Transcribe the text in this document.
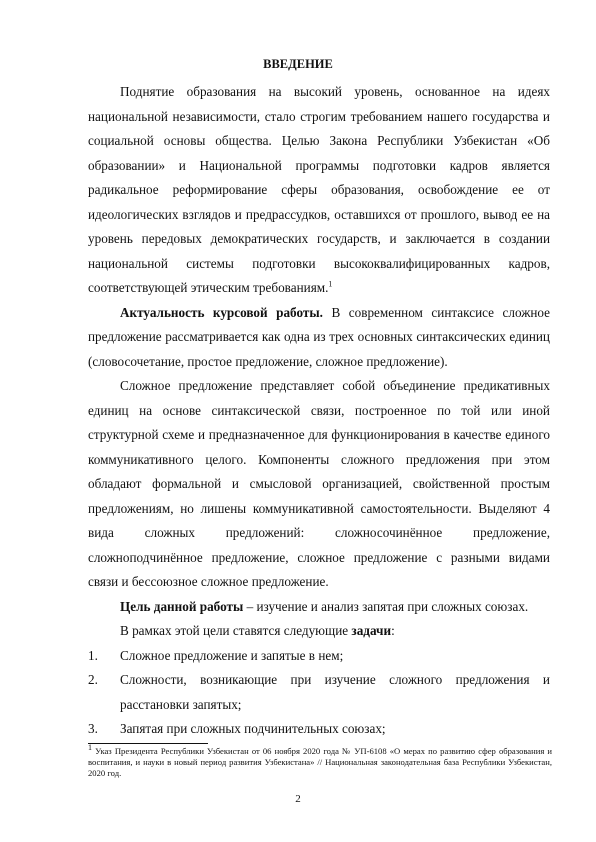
ВВЕДЕНИЕ

Поднятие образования на высокий уровень, основанное на идеях национальной независимости, стало строгим требованием нашего государства и социальной основы общества. Целью Закона Республики Узбекистан «Об образовании» и Национальной программы подготовки кадров является радикальное реформирование сферы образования, освобождение ее от идеологических взглядов и предрассудков, оставшихся от прошлого, вывод ее на уровень передовых демократических государств, и заключается в создании национальной системы подготовки высококвалифицированных кадров, соответствующей этическим требованиям.$^1$

Актуальность курсовой работы. В современном синтаксисе сложное предложение рассматривается как одна из трех основных синтаксических единиц (словосочетание, простое предложение, сложное предложение).

Сложное предложение представляет собой объединение предикативных единиц на основе синтаксической связи, построенное по той или иной структурной схеме и предназначенное для функционирования в качестве единого коммуникативного целого. Компоненты сложного предложения при этом обладают формальной и смысловой организацией, свойственной простым предложениям, но лишены коммуникативной самостоятельности. Выделяют 4 вида сложных предложений: сложносочинённое предложение, сложноподчинённое предложение, сложное предложение с разными видами связи и бессоюзное сложное предложение.

Цель данной работы – изучение и анализ запятая при сложных союзах.

В рамках этой цели ставятся следующие задачи:

1. Сложное предложение и запятые в нем;
2. Сложности, возникающие при изучение сложного предложения и расстановки запятых;
3. Запятая при сложных подчинительных союзах;
$^1$ Указ Президента Республики Узбекистан от 06 ноября 2020 года № УП-6108 «О мерах по развитию сфер образования и воспитания, и науки в новый период развития Узбекистана» // Национальная законодательная база Республики Узбекистан, 2020 год.
2
